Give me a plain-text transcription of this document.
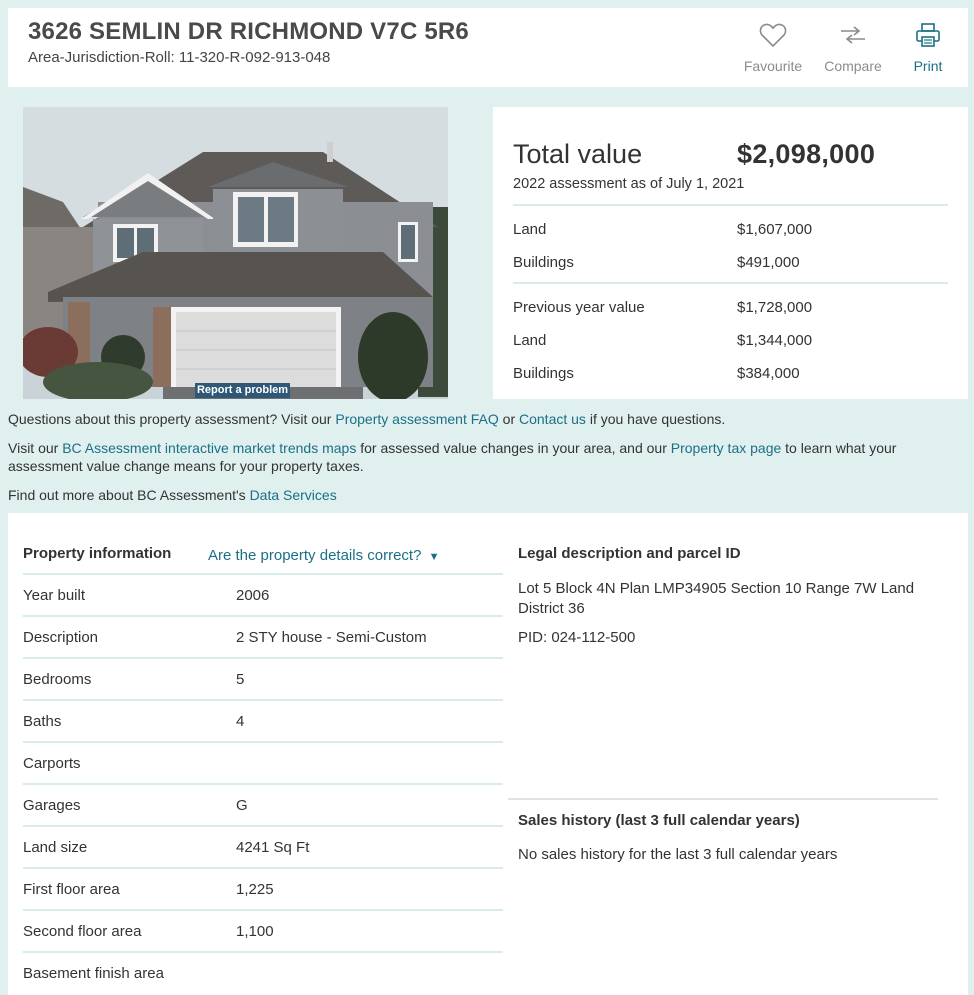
3626 SEMLIN DR RICHMOND V7C 5R6
Area-Jurisdiction-Roll: 11-320-R-092-913-048	Favourite	Compare	Print
Report a problem
Total value	$2,098,000
2022 assessment as of July 1, 2021
Land	$1,607,000
Buildings	$491,000
Previous year value	$1,728,000
Land	$1,344,000
Buildings	$384,000
Questions about this property assessment? Visit our Property assessment FAQ or Contact us if you have questions.
Visit our BC Assessment interactive market trends maps for assessed value changes in your area, and our Property tax page to learn what your assessment value change means for your property taxes.
Find out more about BC Assessment's Data Services
Property information Are the property details correct? ▼
Year built	2006
Description	2 STY house - Semi-Custom
Bedrooms	5
Baths	4
Carports
Garages	G
Land size	4241 Sq Ft
First floor area	1,225
Second floor area	1,100
Basement finish area
Legal description and parcel ID
Lot 5 Block 4N Plan LMP34905 Section 10 Range 7W Land District 36
PID: 024-112-500
Sales history (last 3 full calendar years)
No sales history for the last 3 full calendar years
